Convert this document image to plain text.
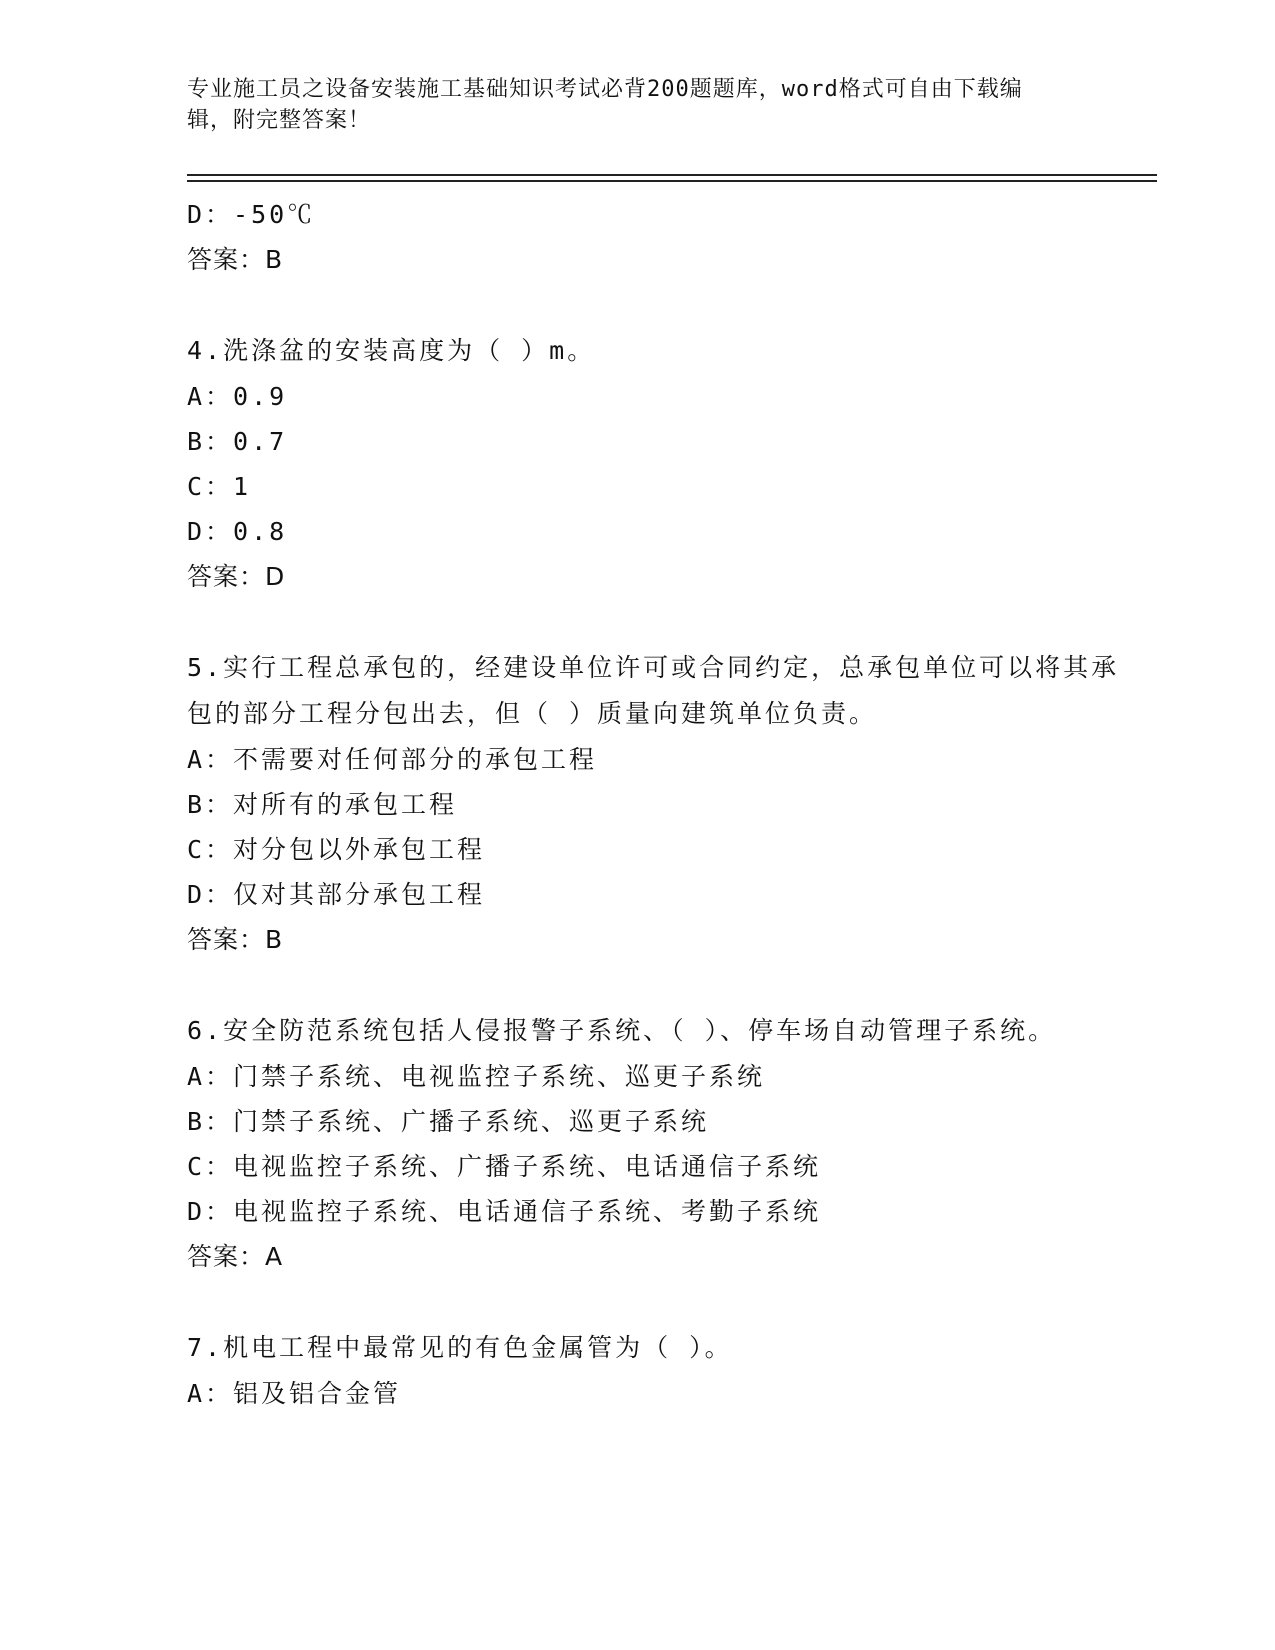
专业施工员之设备安装施工基础知识考试必背200题题库，word格式可自由下载编辑，附完整答案！
D：-50℃
答案：B
4.洗涤盆的安装高度为（ ）m。
A：0.9
B：0.7
C：1
D：0.8
答案：D
5.实行工程总承包的，经建设单位许可或合同约定，总承包单位可以将其承包的部分工程分包出去，但（ ）质量向建筑单位负责。
A：不需要对任何部分的承包工程
B：对所有的承包工程
C：对分包以外承包工程
D：仅对其部分承包工程
答案：B
6.安全防范系统包括人侵报警子系统、（ ）、停车场自动管理子系统。
A：门禁子系统、电视监控子系统、巡更子系统
B：门禁子系统、广播子系统、巡更子系统
C：电视监控子系统、广播子系统、电话通信子系统
D：电视监控子系统、电话通信子系统、考勤子系统
答案：A
7.机电工程中最常见的有色金属管为（ ）。
A：铝及铝合金管
